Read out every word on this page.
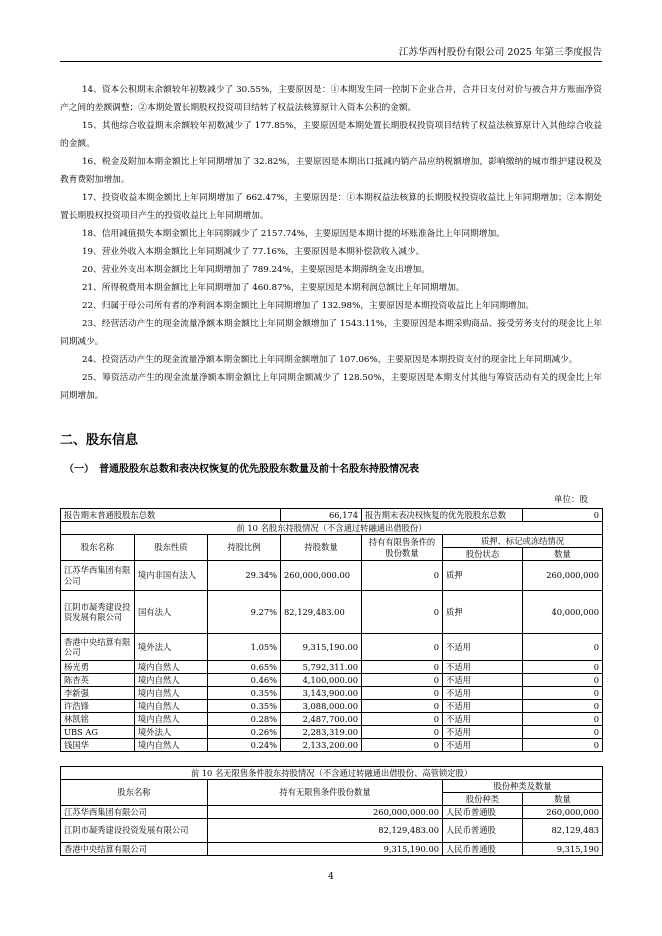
江苏华西村股份有限公司 2025 年第三季度报告

14、资本公积期末余额较年初数减少了 30.55%，主要原因是：①本期发生同一控制下企业合并，合并日支付对价与被合并方账面净资产之间的差额调整；②本期处置长期股权投资项目结转了权益法核算原计入资本公积的金额。

15、其他综合收益期末余额较年初数减少了 177.85%，主要原因是本期处置长期股权投资项目结转了权益法核算原计入其他综合收益的金额。

16、税金及附加本期金额比上年同期增加了 32.82%，主要原因是本期出口抵减内销产品应纳税额增加，影响缴纳的城市维护建设税及教育费附加增加。

17、投资收益本期金额比上年同期增加了 662.47%，主要原因是：①本期权益法核算的长期股权投资收益比上年同期增加；②本期处置长期股权投资项目产生的投资收益比上年同期增加。

18、信用减值损失本期金额比上年同期减少了 2157.74%，主要原因是本期计提的坏账准备比上年同期增加。

19、营业外收入本期金额比上年同期减少了 77.16%，主要原因是本期补偿款收入减少。

20、营业外支出本期金额比上年同期增加了 789.24%，主要原因是本期滞纳金支出增加。

21、所得税费用本期金额比上年同期增加了 460.87%，主要原因是本期利润总额比上年同期增加。

22、归属于母公司所有者的净利润本期金额比上年同期增加了 132.98%，主要原因是本期投资收益比上年同期增加。

23、经营活动产生的现金流量净额本期金额比上年同期金额增加了 1543.11%，主要原因是本期采购商品、接受劳务支付的现金比上年同期减少。

24、投资活动产生的现金流量净额本期金额比上年同期金额增加了 107.06%，主要原因是本期投资支付的现金比上年同期减少。

25、筹资活动产生的现金流量净额本期金额比上年同期金额减少了 128.50%，主要原因是本期支付其他与筹资活动有关的现金比上年同期增加。

二、股东信息
（一）　普通股股东总数和表决权恢复的优先股股东数量及前十名股东持股情况表
单位：股
报告期末普通股股东总数			66,174	报告期末表决权恢复的优先股股东总数		0
前 10 名股东持股情况（不含通过转融通出借股份）						
股东名称	股东性质	持股比例	持股数量	持有有限售条件的股份数量	质押、标记或冻结情况	
					股份状态	数量
江苏华西集团有限公司	境内非国有法人	29.34%	260,000,000.00	0	质押	260,000,000
江阴市凝秀建设投资发展有限公司	国有法人	9.27%	82,129,483.00	0	质押	40,000,000
香港中央结算有限公司	境外法人	1.05%	9,315,190.00	0	不适用	0
杨光勇	境内自然人	0.65%	5,792,311.00	0	不适用	0
陈杏英	境内自然人	0.46%	4,100,000.00	0	不适用	0
李新强	境内自然人	0.35%	3,143,900.00	0	不适用	0
许浩锋	境内自然人	0.35%	3,088,000.00	0	不适用	0
林凯铭	境内自然人	0.28%	2,487,700.00	0	不适用	0
UBS AG	境外法人	0.26%	2,283,319.00	0	不适用	0
钱国华	境内自然人	0.24%	2,133,200.00	0	不适用	0
前 10 名无限售条件股东持股情况（不含通过转融通出借股份、高管锁定股）			
股东名称	持有无限售条件股份数量	股份种类及数量	
		股份种类	数量
江苏华西集团有限公司	260,000,000.00	人民币普通股	260,000,000
江阴市凝秀建设投资发展有限公司	82,129,483.00	人民币普通股	82,129,483
香港中央结算有限公司	9,315,190.00	人民币普通股	9,315,190
4
